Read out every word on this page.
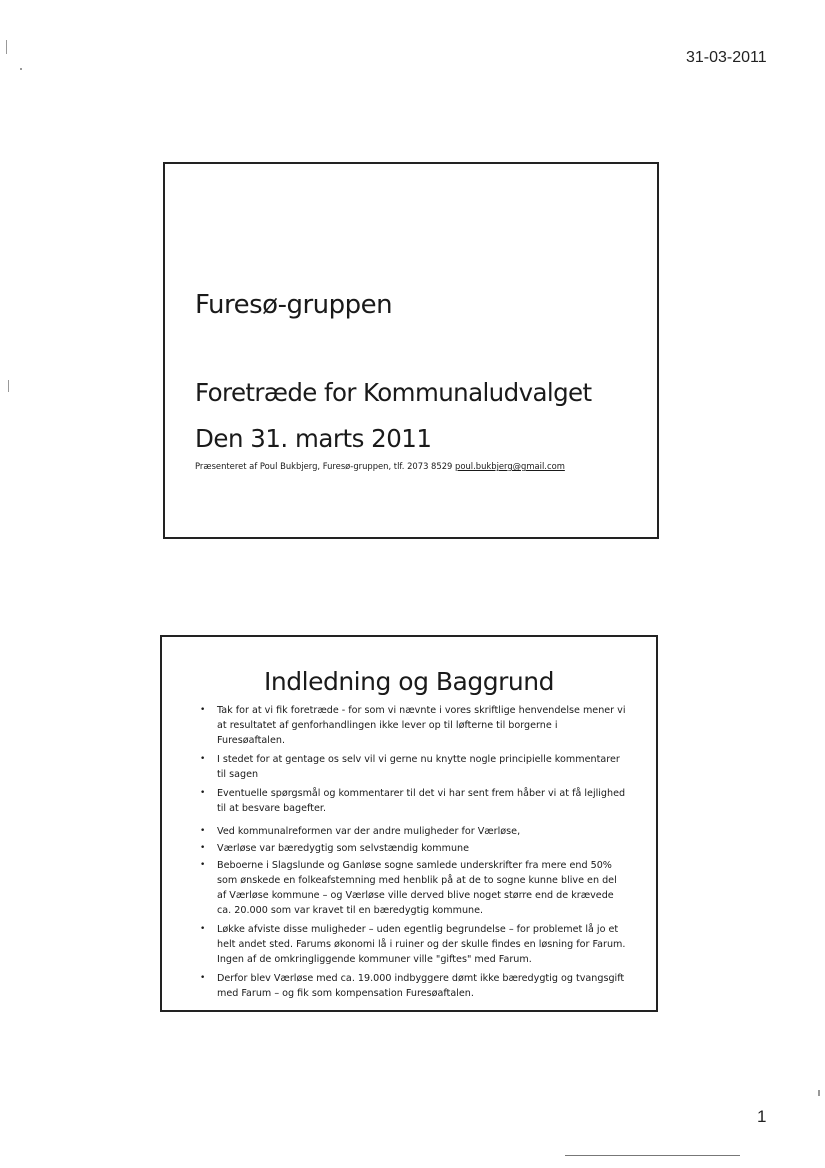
31-03-2011
Furesø-gruppen
Foretræde for Kommunaludvalget
Den 31. marts 2011
Præsenteret af Poul Bukbjerg, Furesø-gruppen, tlf. 2073 8529 poul.bukbjerg@gmail.com
Indledning og Baggrund
• Tak for at vi fik foretræde - for som vi nævnte i vores skriftlige henvendelse mener vi at resultatet af genforhandlingen ikke lever op til løfterne til borgerne i Furesøaftalen.
• I stedet for at gentage os selv vil vi gerne nu knytte nogle principielle kommentarer til sagen
• Eventuelle spørgsmål og kommentarer til det vi har sent frem håber vi at få lejlighed til at besvare bagefter.
• Ved kommunalreformen var der andre muligheder for Værløse,
• Værløse var bæredygtig som selvstændig kommune
• Beboerne i Slagslunde og Ganløse sogne samlede underskrifter fra mere end 50% som ønskede en folkeafstemning med henblik på at de to sogne kunne blive en del af Værløse kommune – og Værløse ville derved blive noget større end de krævede ca. 20.000 som var kravet til en bæredygtig kommune.
• Løkke afviste disse muligheder – uden egentlig begrundelse – for problemet lå jo et helt andet sted. Farums økonomi lå i ruiner og der skulle findes en løsning for Farum. Ingen af de omkringliggende kommuner ville "giftes" med Farum.
• Derfor blev Værløse med ca. 19.000 indbyggere dømt ikke bæredygtig og tvangsgift med Farum – og fik som kompensation Furesøaftalen.
1
